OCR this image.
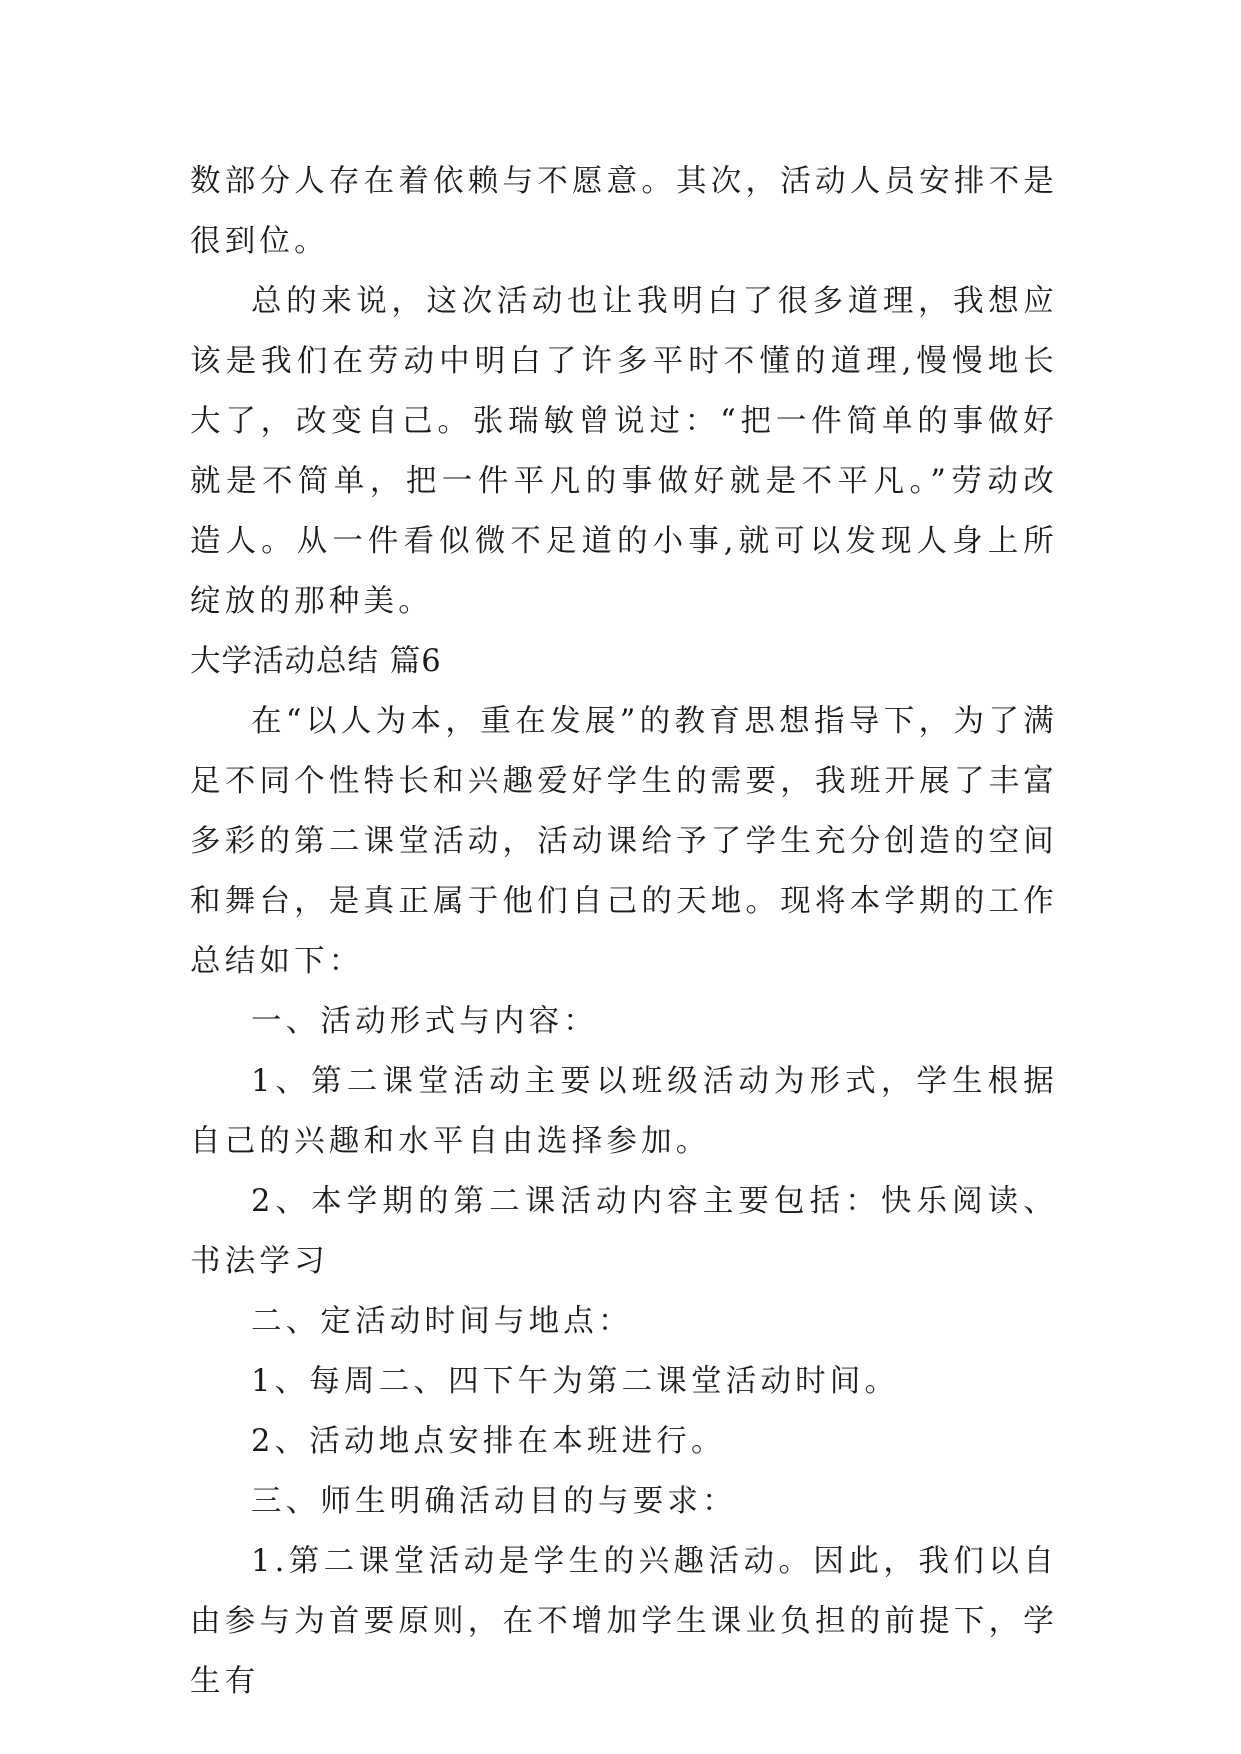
数部分人存在着依赖与不愿意。其次，活动人员安排不是很到位。

总的来说，这次活动也让我明白了很多道理，我想应该是我们在劳动中明白了许多平时不懂的道理,慢慢地长大了，改变自己。张瑞敏曾说过：“把一件简单的事做好就是不简单，把一件平凡的事做好就是不平凡。”劳动改造人。从一件看似微不足道的小事,就可以发现人身上所绽放的那种美。

大学活动总结 篇6

在“以人为本，重在发展”的教育思想指导下，为了满足不同个性特长和兴趣爱好学生的需要，我班开展了丰富多彩的第二课堂活动，活动课给予了学生充分创造的空间和舞台，是真正属于他们自己的天地。现将本学期的工作总结如下：

一、活动形式与内容：

1、第二课堂活动主要以班级活动为形式，学生根据自己的兴趣和水平自由选择参加。

2、本学期的第二课活动内容主要包括：快乐阅读、书法学习

二、定活动时间与地点：

1、每周二、四下午为第二课堂活动时间。

2、活动地点安排在本班进行。

三、师生明确活动目的与要求：

1.第二课堂活动是学生的兴趣活动。因此，我们以自由参与为首要原则，在不增加学生课业负担的前提下，学生有
